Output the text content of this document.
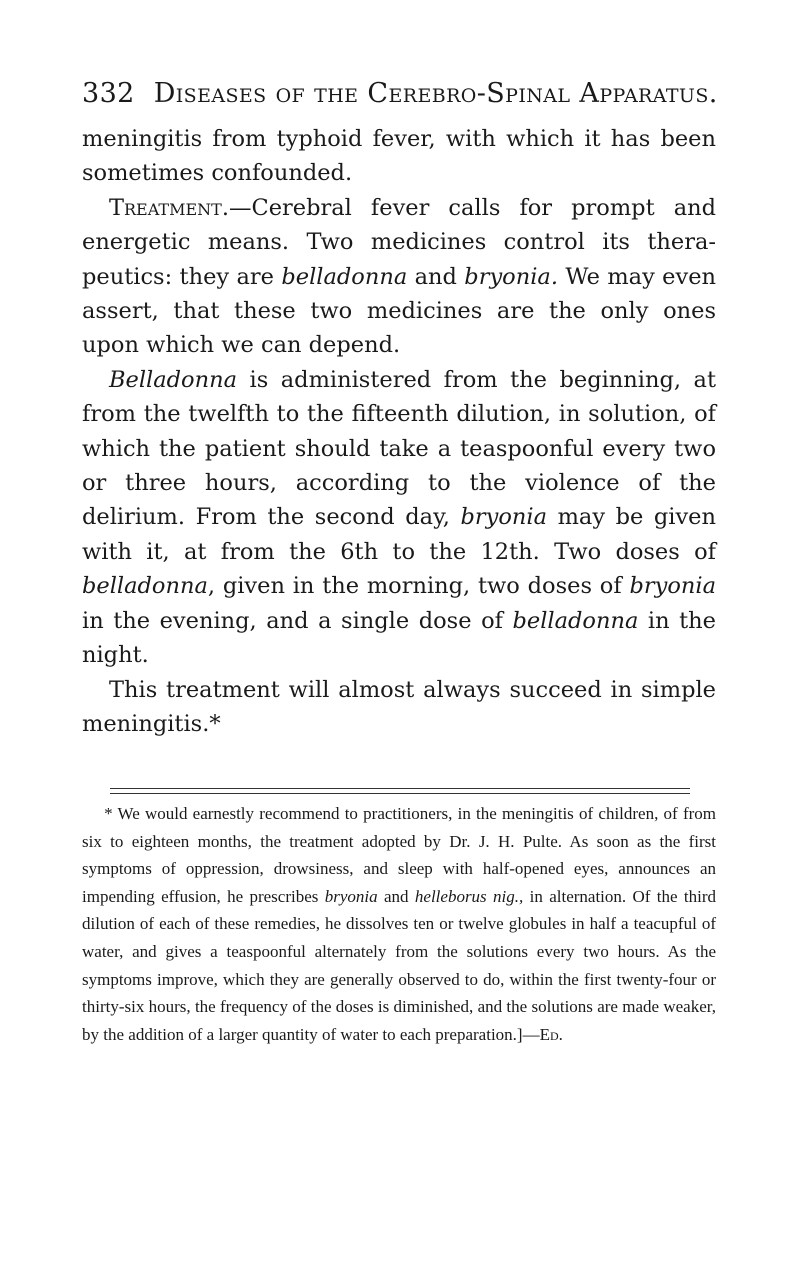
332 Diseases of the Cerebro-Spinal Apparatus.

meningitis from typhoid fever, with which it has been sometimes confounded.

Treatment.—Cerebral fever calls for prompt and energetic means. Two medicines control its therapeutics: they are belladonna and bryonia. We may even assert, that these two medicines are the only ones upon which we can depend.

Belladonna is administered from the beginning, at from the twelfth to the fifteenth dilution, in solution, of which the patient should take a teaspoonful every two or three hours, according to the violence of the delirium. From the second day, bryonia may be given with it, at from the 6th to the 12th. Two doses of belladonna, given in the morning, two doses of bryonia in the evening, and a single dose of belladonna in the night.

This treatment will almost always succeed in simple meningitis.*

* We would earnestly recommend to practitioners, in the meningitis of children, of from six to eighteen months, the treatment adopted by Dr. J. H. Pulte. As soon as the first symptoms of oppression, drowsiness, and sleep with half-opened eyes, announces an impending effusion, he prescribes bryonia and helleborus nig., in alternation. Of the third dilution of each of these remedies, he dissolves ten or twelve globules in half a teacupful of water, and gives a teaspoonful alternately from the solutions every two hours. As the symptoms improve, which they are generally observed to do, within the first twenty-four or thirty-six hours, the frequency of the doses is diminished, and the solutions are made weaker, by the addition of a larger quantity of water to each preparation.]—Ed.
